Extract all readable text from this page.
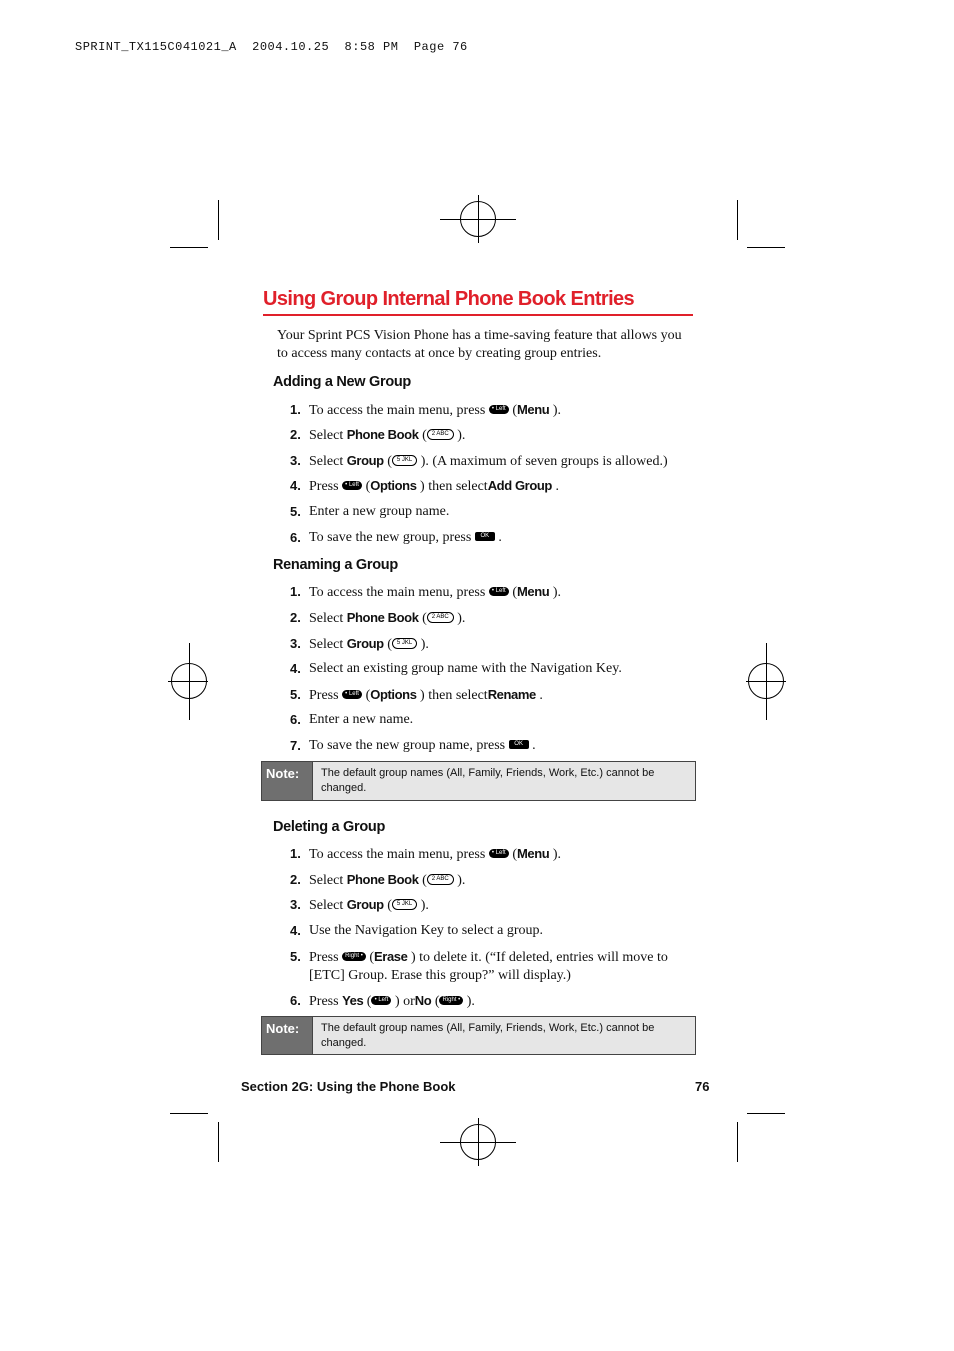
SPRINT_TX115C041021_A  2004.10.25  8:58 PM  Page 76
Using Group Internal Phone Book Entries
Your Sprint PCS Vision Phone has a time-saving feature that allows you to access many contacts at once by creating group entries.
Adding a New Group
Renaming a Group
Deleting a Group
1. To access the main menu, press • Left (Menu ).
2. Select Phone Book ( 2 ABC ).
3. Select Group ( 5 JKL ). (A maximum of seven groups is allowed.)
4. Press • Left (Options ) then selectAdd Group .
5. Enter a new group name.
6. To save the new group, press OK .
1. To access the main menu, press • Left (Menu ).
2. Select Phone Book ( 2 ABC ).
3. Select Group ( 5 JKL ).
4. Select an existing group name with the Navigation Key.
5. Press • Left (Options ) then selectRename .
6. Enter a new name.
7. To save the new group name, press OK .
1. To access the main menu, press • Left (Menu ).
2. Select Phone Book ( 2 ABC ).
3. Select Group ( 5 JKL ).
4. Use the Navigation Key to select a group.
5. Press Right • (Erase ) to delete it. (“If deleted, entries will move to [ETC] Group. Erase this group?” will display.)
6. Press Yes ( • Left ) orNo ( Right • ).
Note:	The default group names (All, Family, Friends, Work, Etc.) cannot be changed.
Note:	The default group names (All, Family, Friends, Work, Etc.) cannot be changed.
Section 2G: Using the Phone Book	76
